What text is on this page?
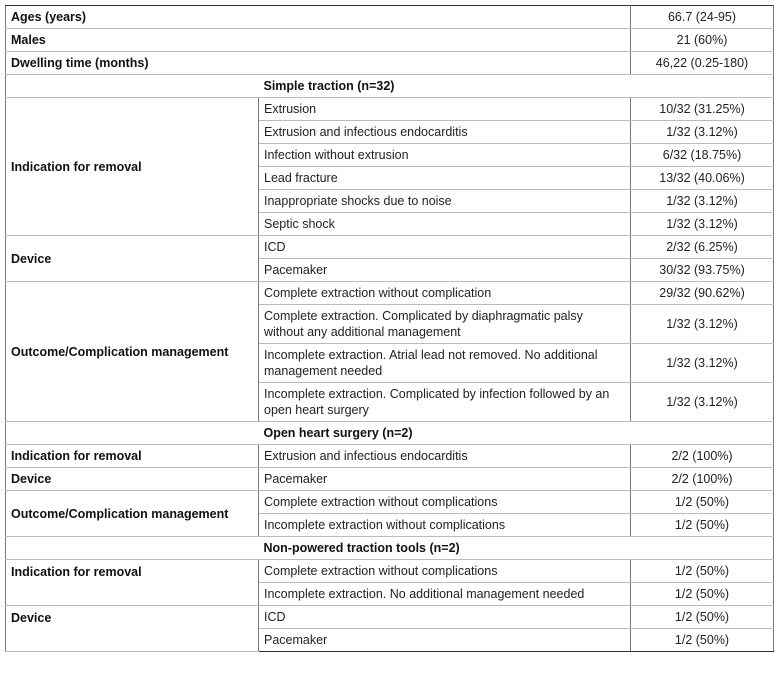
Ages (years)		66.7 (24-95)
Males		21 (60%)
Dwelling time (months)		46,22 (0.25-180)
	Simple traction (n=32)	
Indication for removal	Extrusion	10/32 (31.25%)
	Extrusion and infectious endocarditis	1/32 (3.12%)
	Infection without extrusion	6/32 (18.75%)
	Lead fracture	13/32 (40.06%)
	Inappropriate shocks due to noise	1/32 (3.12%)
	Septic shock	1/32 (3.12%)
Device	ICD	2/32 (6.25%)
	Pacemaker	30/32 (93.75%)
Outcome/Complication management	Complete extraction without complication	29/32 (90.62%)
	Complete extraction. Complicated by diaphragmatic palsy without any additional management	1/32 (3.12%)
	Incomplete extraction. Atrial lead not removed. No additional management needed	1/32 (3.12%)
	Incomplete extraction. Complicated by infection followed by an open heart surgery	1/32 (3.12%)
	Open heart surgery (n=2)	
Indication for removal	Extrusion and infectious endocarditis	2/2 (100%)
Device	Pacemaker	2/2 (100%)
Outcome/Complication management	Complete extraction without complications	1/2 (50%)
	Incomplete extraction without complications	1/2 (50%)
	Non-powered traction tools (n=2)	
Indication for removal	Complete extraction without complications	1/2 (50%)
	Incomplete extraction. No additional management needed	1/2 (50%)
Device	ICD	1/2 (50%)
	Pacemaker	1/2 (50%)
